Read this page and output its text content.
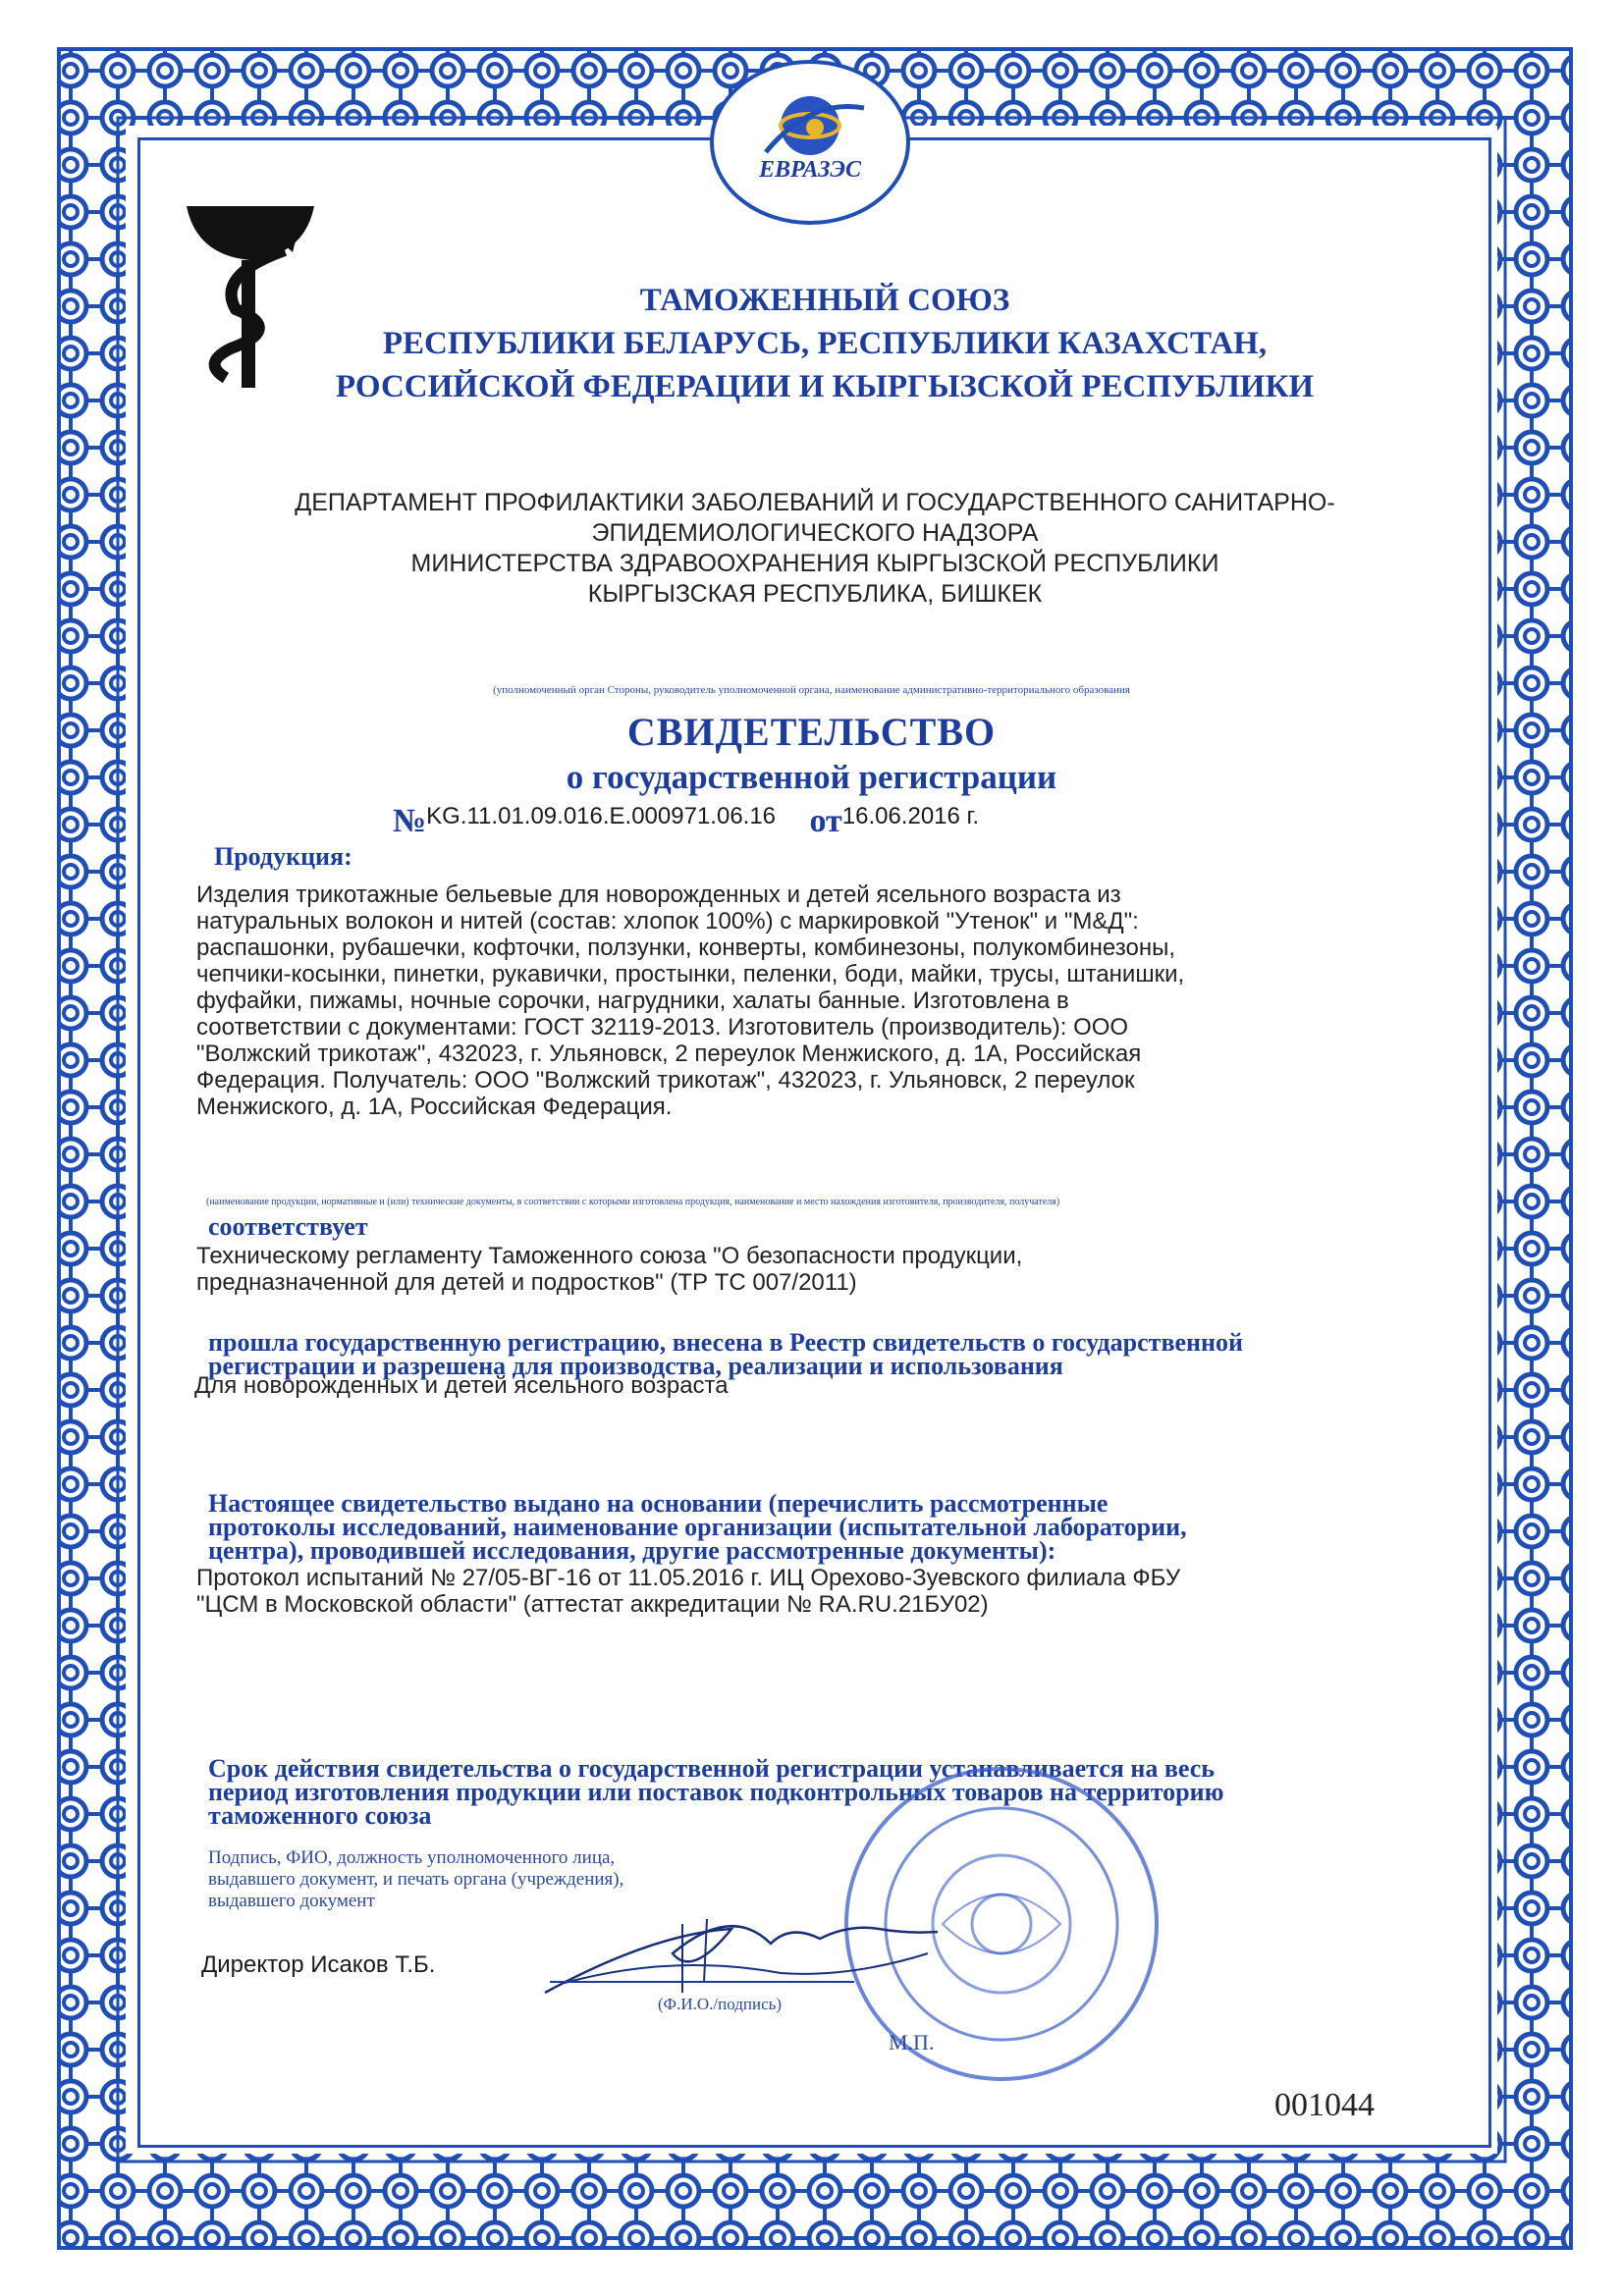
ЕВРАЗЭС
ТАМОЖЕННЫЙ СОЮЗ
РЕСПУБЛИКИ БЕЛАРУСЬ, РЕСПУБЛИКИ КАЗАХСТАН,
РОССИЙСКОЙ ФЕДЕРАЦИИ И КЫРГЫЗСКОЙ РЕСПУБЛИКИ
ДЕПАРТАМЕНТ ПРОФИЛАКТИКИ ЗАБОЛЕВАНИЙ И ГОСУДАРСТВЕННОГО САНИТАРНО-
ЭПИДЕМИОЛОГИЧЕСКОГО НАДЗОРА
МИНИСТЕРСТВА ЗДРАВООХРАНЕНИЯ КЫРГЫЗСКОЙ РЕСПУБЛИКИ
КЫРГЫЗСКАЯ РЕСПУБЛИКА, БИШКЕК
(уполномоченный орган Стороны, руководитель уполномоченной органа, наименование административно-территориального образования
СВИДЕТЕЛЬСТВО
о государственной регистрации
№KG.11.01.09.016.E.000971.06.16 от16.06.2016 г.
Продукция:
Изделия трикотажные бельевые для новорожденных и детей ясельного возраста из
натуральных волокон и нитей (состав: хлопок 100%) с маркировкой "Утенок" и "М&Д":
распашонки, рубашечки, кофточки, ползунки, конверты, комбинезоны, полукомбинезоны,
чепчики-косынки, пинетки, рукавички, простынки, пеленки, боди, майки, трусы, штанишки,
фуфайки, пижамы, ночные сорочки, нагрудники, халаты банные. Изготовлена в
соответствии с документами: ГОСТ 32119-2013. Изготовитель (производитель): ООО
"Волжский трикотаж", 432023, г. Ульяновск, 2 переулок Менжиского, д. 1А, Российская
Федерация. Получатель: ООО "Волжский трикотаж", 432023, г. Ульяновск, 2 переулок
Менжиского, д. 1А, Российская Федерация.
(наименование продукции, нормативные и (или) технические документы, в соответствии с которыми изготовлена продукция, наименование и место нахождения изготовителя, производителя, получателя)
соответствует
Техническому регламенту Таможенного союза "О безопасности продукции,
предназначенной для детей и подростков" (ТР ТС 007/2011)
прошла государственную регистрацию, внесена в Реестр свидетельств о государственной
регистрации и разрешена для производства, реализации и использования
Для новорожденных и детей ясельного возраста
Настоящее свидетельство выдано на основании (перечислить рассмотренные
протоколы исследований, наименование организации (испытательной лаборатории,
центра), проводившей исследования, другие рассмотренные документы):
Протокол испытаний № 27/05-ВГ-16 от 11.05.2016 г. ИЦ Орехово-Зуевского филиала ФБУ
"ЦСМ в Московской области" (аттестат аккредитации № RA.RU.21БУ02)
Срок действия свидетельства о государственной регистрации устанавливается на весь
период изготовления продукции или поставок подконтрольных товаров на территорию
таможенного союза
Подпись, ФИО, должность уполномоченного лица,
выдавшего документ, и печать органа (учреждения),
выдавшего документ
Директор Исаков Т.Б.
(Ф.И.О./подпись)
М.П.
001044
